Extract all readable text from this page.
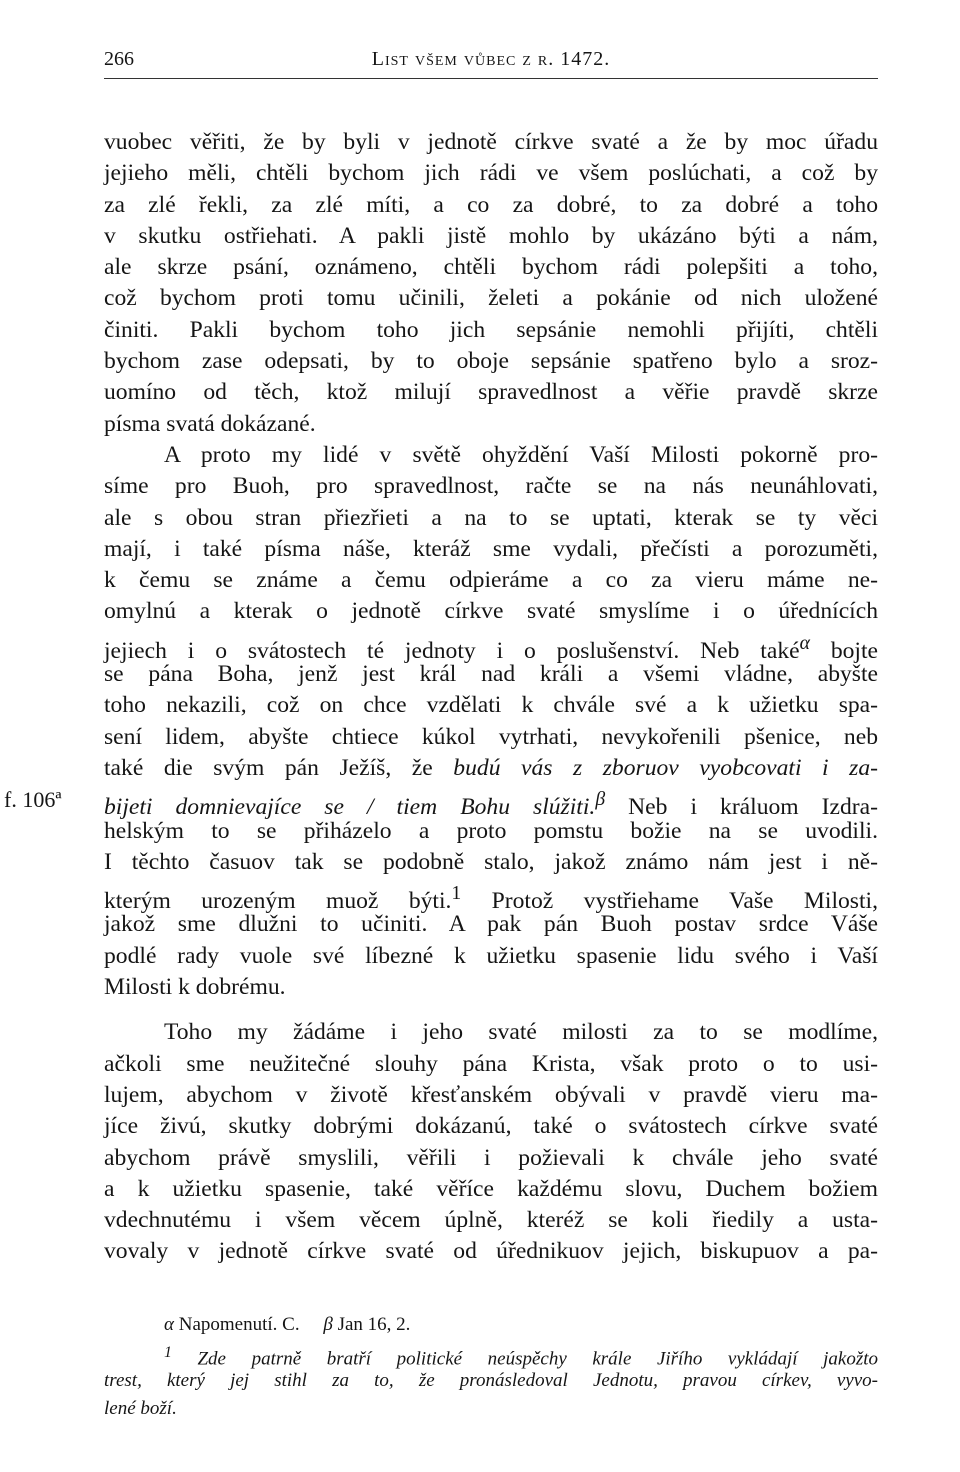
266	List všem vůbec z r. 1472.
vuobec věřiti, že by byli v jednotě církve svaté a že by moc úřadu
jejieho měli, chtěli bychom jich rádi ve všem poslúchati, a což by
za zlé řekli, za zlé míti, a co za dobré, to za dobré a toho
v skutku ostřiehati. A pakli jistě mohlo by ukázáno býti a nám,
ale skrze psání, oznámeno, chtěli bychom rádi polepšiti a toho,
což bychom proti tomu učinili, želeti a pokánie od nich uložené
činiti. Pakli bychom toho jich sepsánie nemohli přijíti, chtěli
bychom zase odepsati, by to oboje sepsánie spatřeno bylo a sroz-
uomíno od těch, ktož milují spravedlnost a věřie pravdě skrze
písma svatá dokázané.
A proto my lidé v světě ohyždění Vaší Milosti pokorně pro-
síme pro Buoh, pro spravedlnost, račte se na nás neunáhlovati,
ale s obou stran přiezřieti a na to se uptati, kterak se ty věci
mají, i také písma náše, kteráž sme vydali, přečísti a porozuměti,
k čemu se známe a čemu odpieráme a co za vieru máme ne-
omylnú a kterak o jednotě církve svaté smyslíme i o úřednících
jejiech i o svátostech té jednoty i o poslušenství. Neb také$^\alpha$ bojte
se pána Boha, jenž jest král nad králi a všemi vládne, abyšte
toho nekazili, což on chce vzdělati k chvále své a k užietku spa-
sení lidem, abyšte chtiece kúkol vytrhati, nevykořenili pšenice, neb
také die svým pán Ježíš, že budú vás z zboruov vyobcovati i za-
f. 106ª bijeti domnievajíce se / tiem Bohu slúžiti.$^\beta$ Neb i králuom Izdra-
helským to se přiházelo a proto pomstu božie na se uvodili.
I těchto časuov tak se podobně stalo, jakož známo nám jest i ně-
kterým urozeným muož býti.$^1$ Protož vystřiehame Vaše Milosti,
jakož sme dlužni to učiniti. A pak pán Buoh postav srdce Váše
podlé rady vuole své líbezné k užietku spasenie lidu svého i Vaší
Milosti k dobrému.
Toho my žádáme i jeho svaté milosti za to se modlíme,
ačkoli sme neužitečné slouhy pána Krista, však proto o to usi-
lujem, abychom v životě křesťanském obývali v pravdě vieru ma-
jíce živú, skutky dobrými dokázanú, také o svátostech církve svaté
abychom právě smyslili, věřili i požievali k chvále jeho svaté
a k užietku spasenie, také věříce každému slovu, Duchem božiem
vdechnutému i všem věcem úplně, kteréž se koli řiedily a usta-
vovaly v jednotě církve svaté od úřednikuov jejich, biskupuov a pa-
α Napomenutí. C. β Jan 16, 2.
$^1$ Zde patrně bratří politické neúspěchy krále Jiřího vykládají jakožto
trest, který jej stihl za to, že pronásledoval Jednotu, pravou církev, vyvo-
lené boží.
